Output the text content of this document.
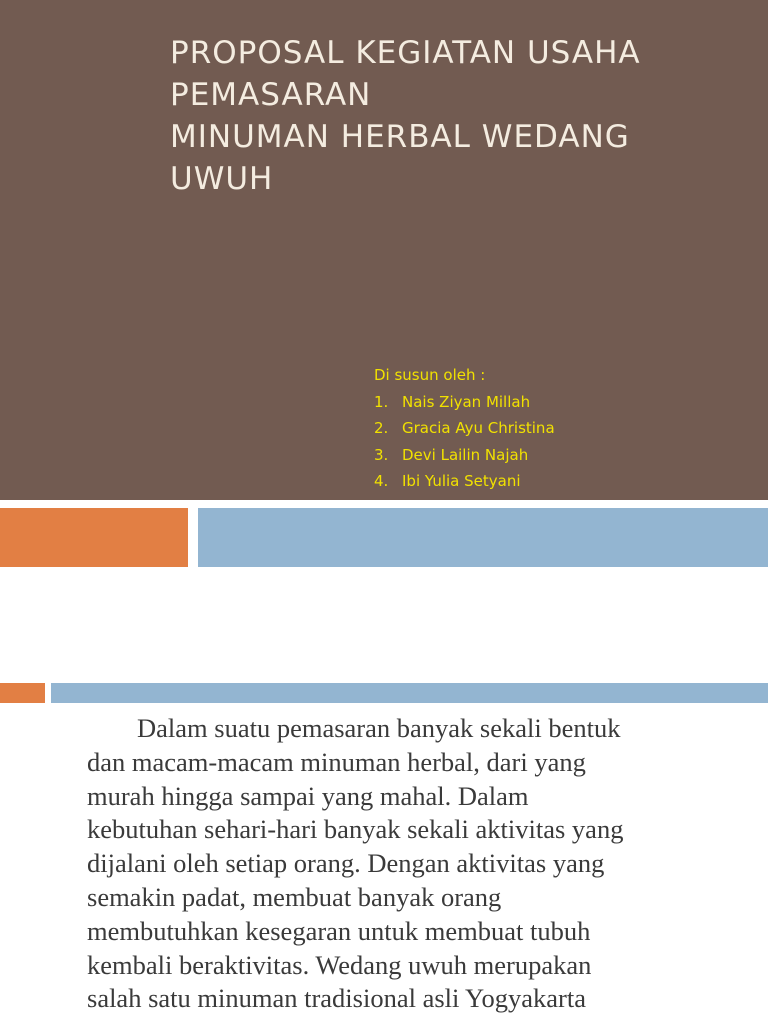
PROPOSAL KEGIATAN USAHA
PEMASARAN
MINUMAN HERBAL WEDANG
UWUH
Di susun oleh :
1. Nais Ziyan Millah
2. Gracia Ayu Christina
3. Devi Lailin Najah
4. Ibi Yulia Setyani

Dalam suatu pemasaran banyak sekali bentuk
dan macam-macam minuman herbal, dari yang
murah hingga sampai yang mahal. Dalam
kebutuhan sehari-hari banyak sekali aktivitas yang
dijalani oleh setiap orang. Dengan aktivitas yang
semakin padat, membuat banyak orang
membutuhkan kesegaran untuk membuat tubuh
kembali beraktivitas. Wedang uwuh merupakan
salah satu minuman tradisional asli Yogyakarta
